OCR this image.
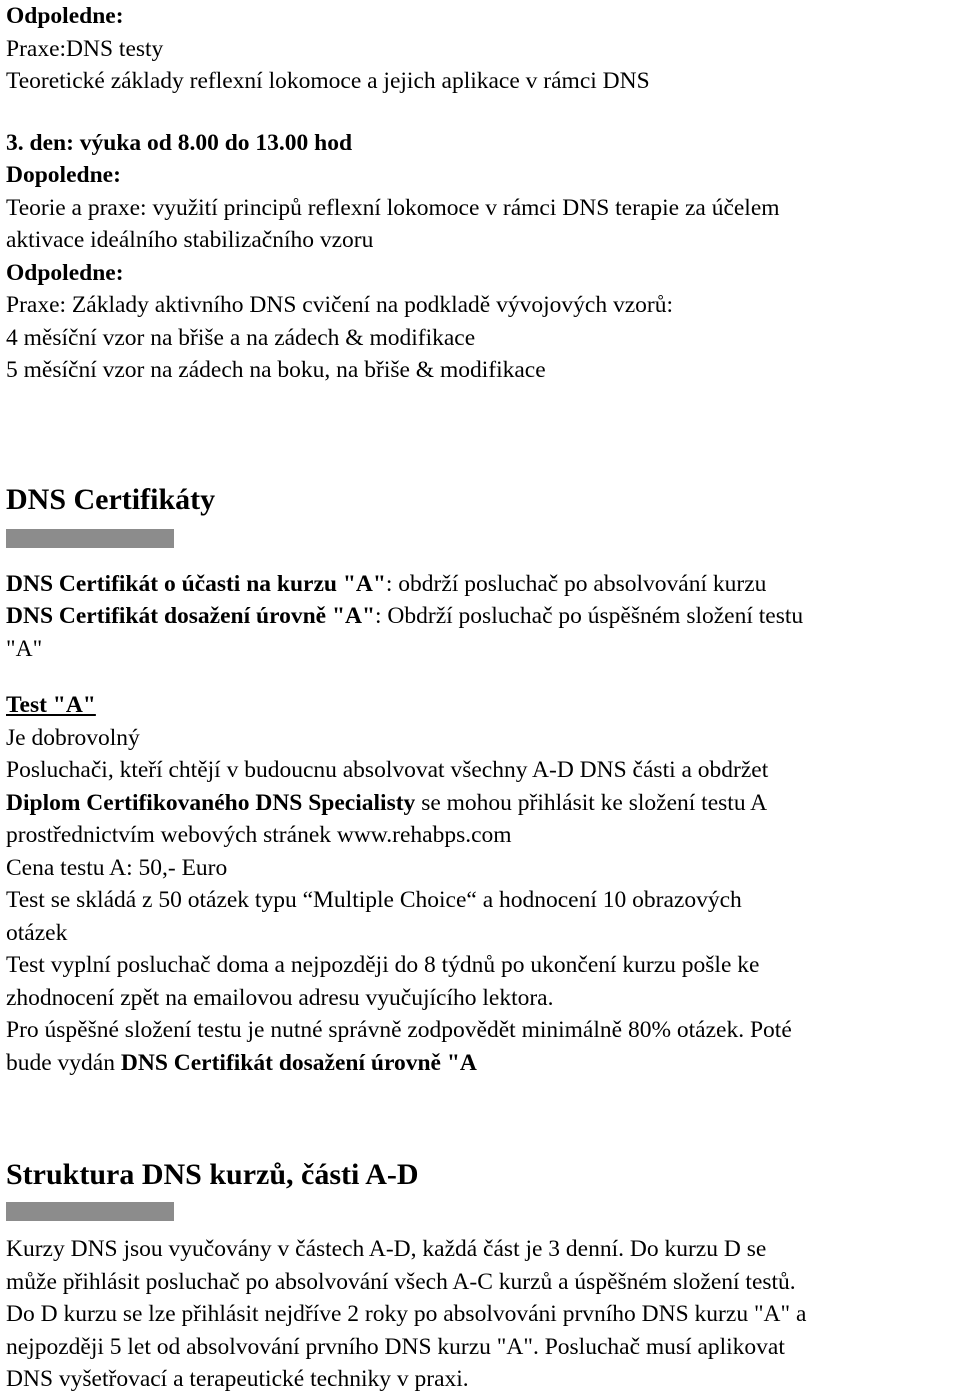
Odpoledne:
Praxe:DNS testy
Teoretické základy reflexní lokomoce a jejich aplikace v rámci DNS
3. den: výuka od 8.00 do 13.00 hod
Dopoledne:
Teorie a praxe: využití principů reflexní lokomoce v rámci DNS terapie za účelem
aktivace ideálního stabilizačního vzoru
Odpoledne:
Praxe: Základy aktivního DNS cvičení na podkladě vývojových vzorů:
4 měsíční vzor na břiše a na zádech & modifikace
5 měsíční vzor na zádech na boku, na břiše & modifikace
DNS Certifikáty
DNS Certifikát o účasti na kurzu "A": obdrží posluchač po absolvování kurzu
DNS Certifikát dosažení úrovně "A": Obdrží posluchač po úspěšném složení testu
"A"
Test "A"
Je dobrovolný
Posluchači, kteří chtějí v budoucnu absolvovat všechny A-D DNS části a obdržet
Diplom Certifikovaného DNS Specialisty se mohou přihlásit ke složení testu A
prostřednictvím webových stránek www.rehabps.com
Cena testu A: 50,- Euro
Test se skládá z 50 otázek typu “Multiple Choice“ a hodnocení 10 obrazových
otázek
Test vyplní posluchač doma a nejpozději do 8 týdnů po ukončení kurzu pošle ke
zhodnocení zpět na emailovou adresu vyučujícího lektora.
Pro úspěšné složení testu je nutné správně zodpovědět minimálně 80% otázek. Poté
bude vydán DNS Certifikát dosažení úrovně "A
Struktura DNS kurzů, části A-D
Kurzy DNS jsou vyučovány v částech A-D, každá část je 3 denní. Do kurzu D se
může přihlásit posluchač po absolvování všech A-C kurzů a úspěšném složení testů.
Do D kurzu se lze přihlásit nejdříve 2 roky po absolvováni prvního DNS kurzu "A" a
nejpozději 5 let od absolvování prvního DNS kurzu "A". Posluchač musí aplikovat
DNS vyšetřovací a terapeutické techniky v praxi.
